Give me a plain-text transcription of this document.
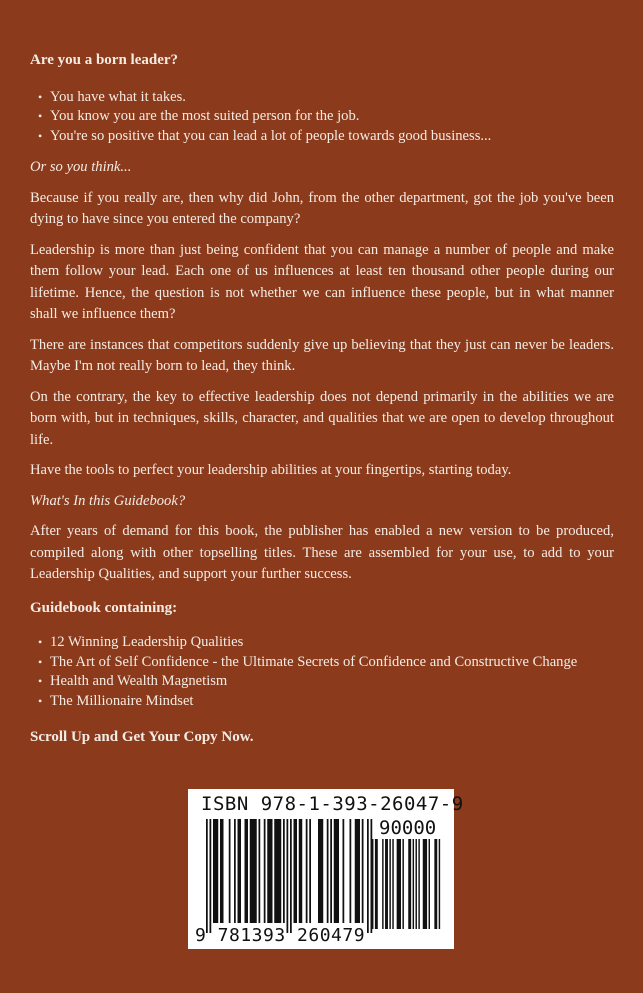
Are you a born leader?

• You have what it takes.
• You know you are the most suited person for the job.
• You're so positive that you can lead a lot of people towards good business...

Or so you think...

Because if you really are, then why did John, from the other department, got the job you've been dying to have since you entered the company?

Leadership is more than just being confident that you can manage a number of people and make them follow your lead. Each one of us influences at least ten thousand other people during our lifetime. Hence, the question is not whether we can influence these people, but in what manner shall we influence them?

There are instances that competitors suddenly give up believing that they just can never be leaders. Maybe I'm not really born to lead, they think.

On the contrary, the key to effective leadership does not depend primarily in the abilities we are born with, but in techniques, skills, character, and qualities that we are open to develop throughout life.

Have the tools to perfect your leadership abilities at your fingertips, starting today.

What's In this Guidebook?

After years of demand for this book, the publisher has enabled a new version to be produced, compiled along with other topselling titles. These are assembled for your use, to add to your Leadership Qualities, and support your further success.

Guidebook containing:

• 12 Winning Leadership Qualities
• The Art of Self Confidence - the Ultimate Secrets of Confidence and Constructive Change
• Health and Wealth Magnetism
• The Millionaire Mindset

Scroll Up and Get Your Copy Now.

ISBN 978-1-393-26047-9
90000
9 781393 260479
